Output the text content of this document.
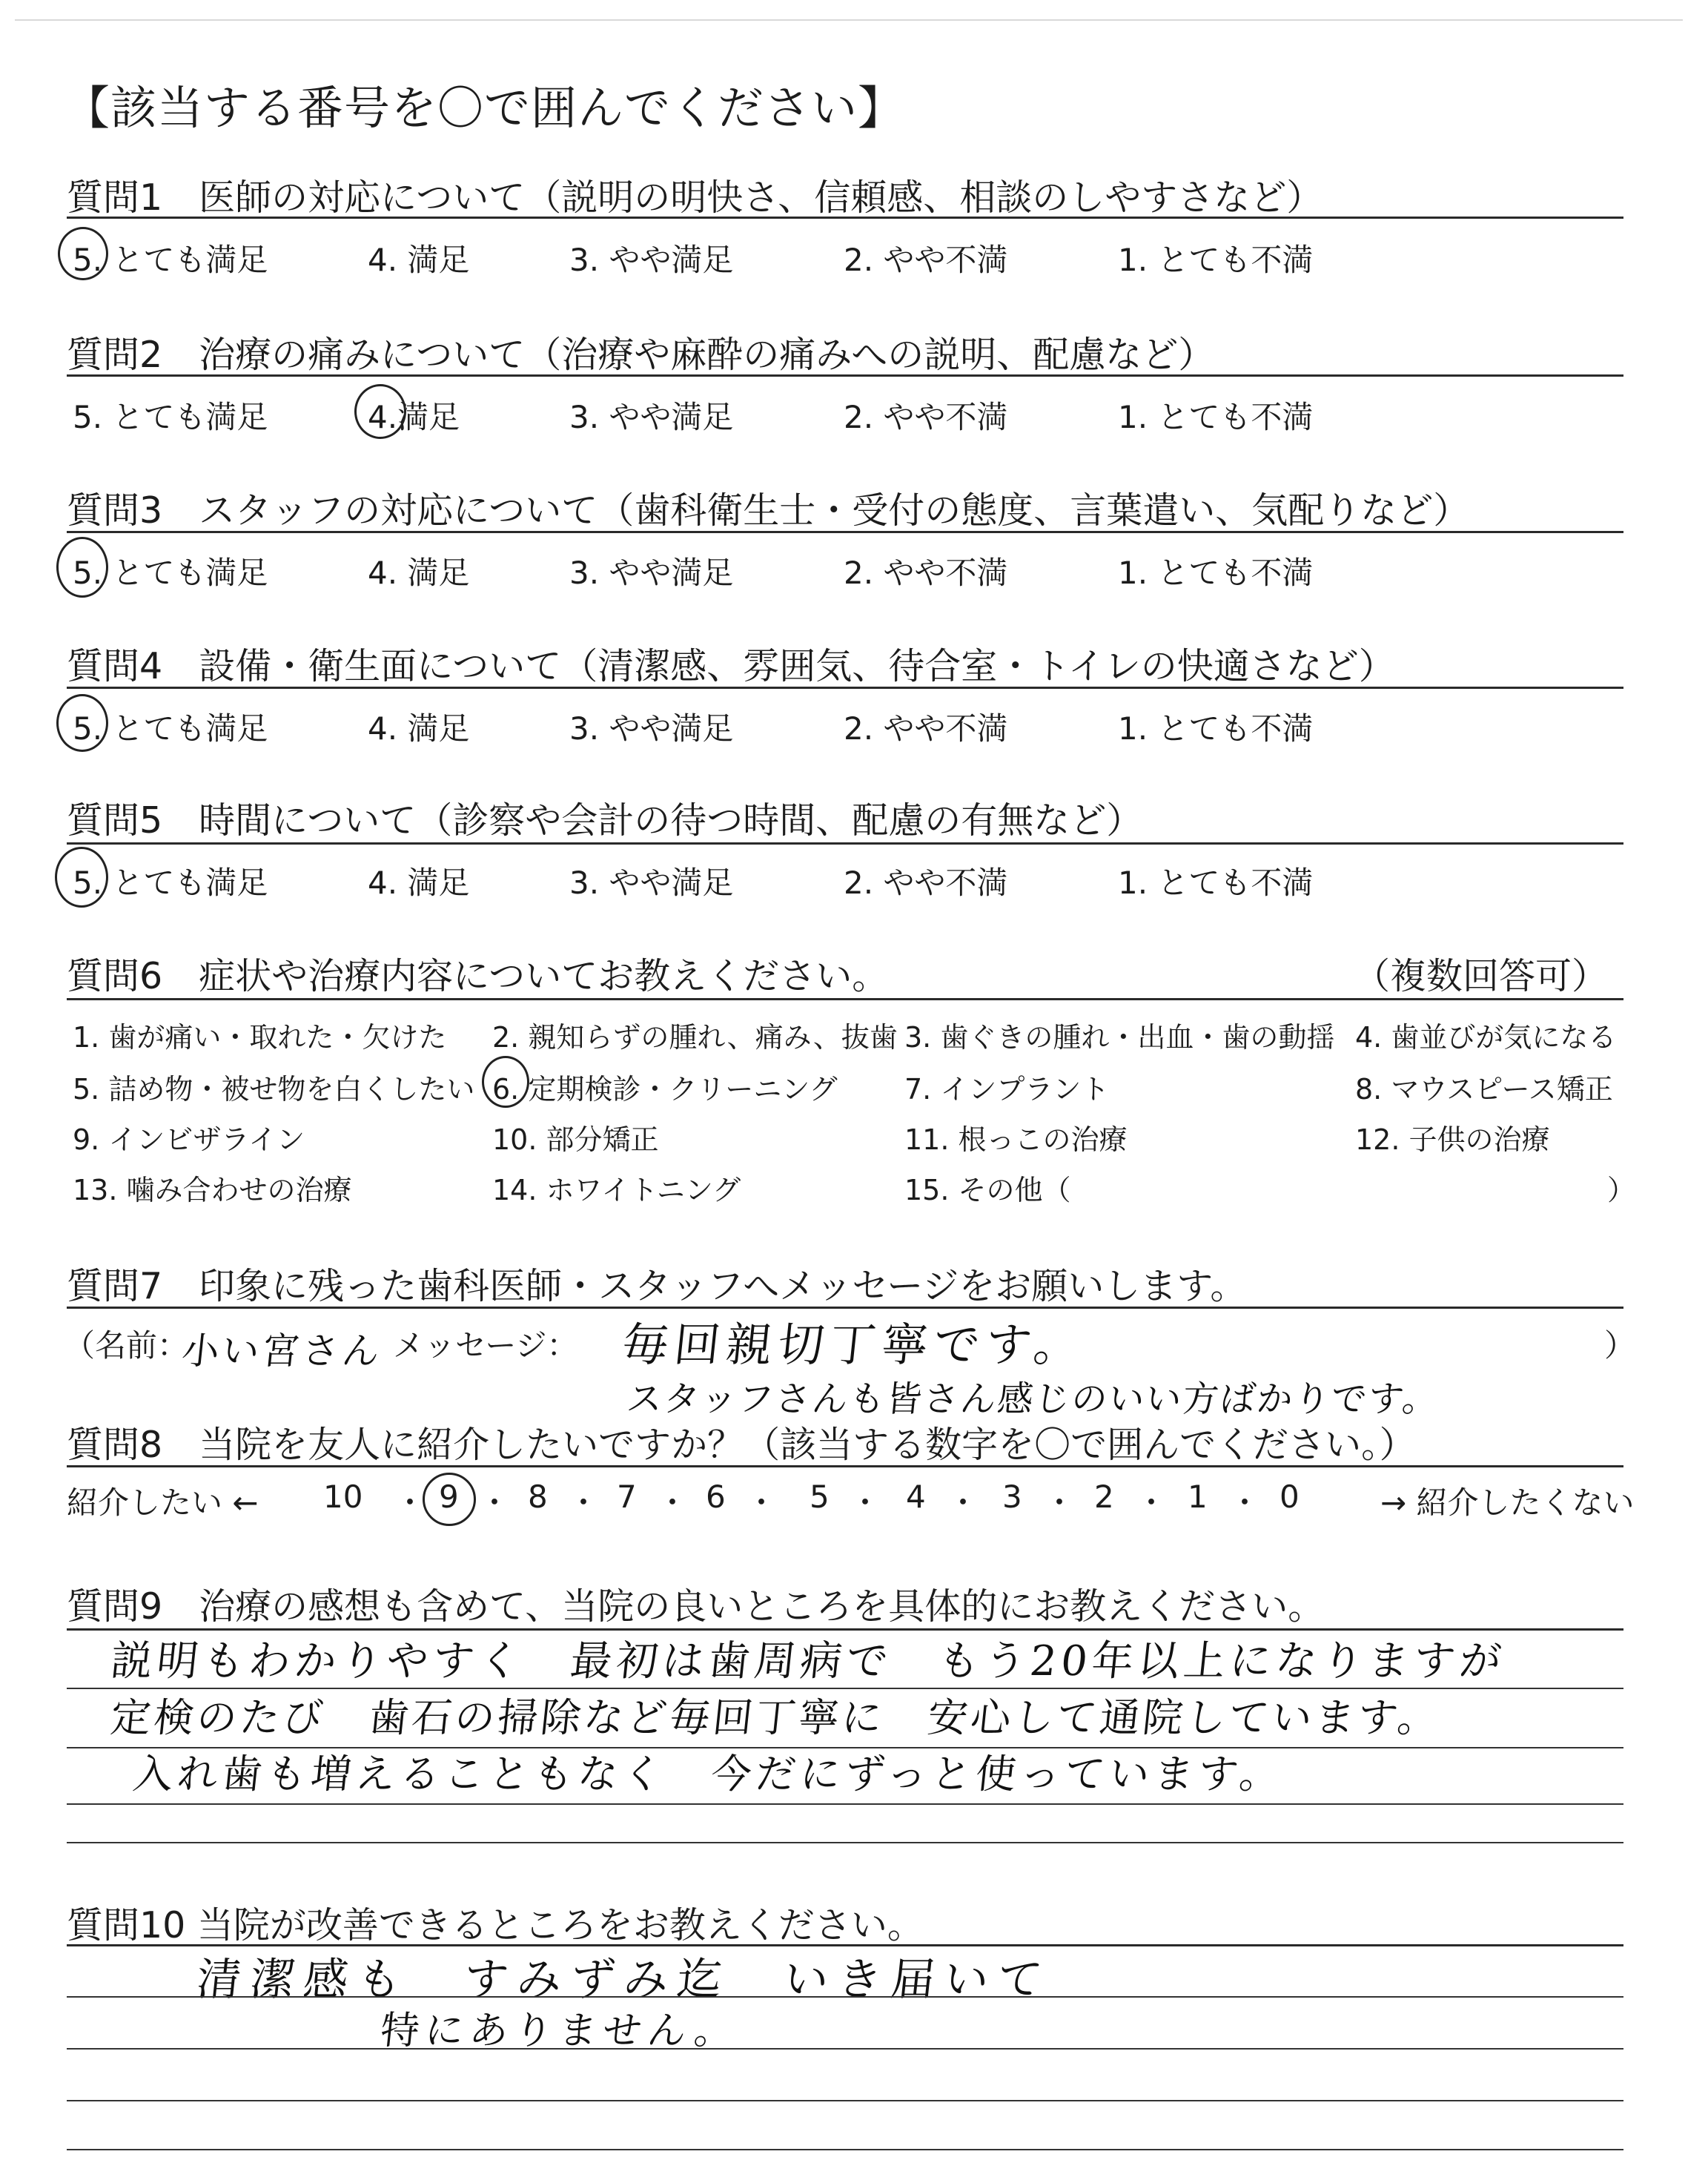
【該当する番号を〇で囲んでください】
質問1　医師の対応について（説明の明快さ、信頼感、相談のしやすさなど）
5. とても満足	4. 満足	3. やや満足	2. やや不満	1. とても不満
質問2　治療の痛みについて（治療や麻酔の痛みへの説明、配慮など）
5. とても満足	4.満足	3. やや満足	2. やや不満	1. とても不満
質問3　スタッフの対応について（歯科衛生士・受付の態度、言葉遣い、気配りなど）
5. とても満足	4. 満足	3. やや満足	2. やや不満	1. とても不満
質問4　設備・衛生面について（清潔感、雰囲気、待合室・トイレの快適さなど）
5. とても満足	4. 満足	3. やや満足	2. やや不満	1. とても不満
質問5　時間について（診察や会計の待つ時間、配慮の有無など）
5. とても満足	4. 満足	3. やや満足	2. やや不満	1. とても不満
質問6　症状や治療内容についてお教えください。	（複数回答可）
1. 歯が痛い・取れた・欠けた 2. 親知らずの腫れ、痛み、抜歯 3. 歯ぐきの腫れ・出血・歯の動揺 4. 歯並びが気になる
5. 詰め物・被せ物を白くしたい 6. 定期検診・クリーニング 7. インプラント	8. マウスピース矯正
9. インビザライン	10. 部分矯正	11. 根っこの治療	12. 子供の治療
13. 噛み合わせの治療	14. ホワイトニング	15. その他（	）
質問7　印象に残った歯科医師・スタッフへメッセージをお願いします。
（名前：
小い宮さん メッセージ： 毎回親切丁寧です。	）
スタッフさんも皆さん感じのいい方ばかりです。
質問8　当院を友人に紹介したいですか？（該当する数字を〇で囲んでください。）
紹介したい ←	→ 紹介したくない
10 ・ 9 ・ 8 ・ 7 ・ 6 ・ 5 ・ 4 ・ 3 ・ 2 ・ 1 ・ 0
質問9　治療の感想も含めて、当院の良いところを具体的にお教えください。
説明もわかりやすく　最初は歯周病で　もう20年以上になりますが
定検のたび　歯石の掃除など毎回丁寧に　安心して通院しています。
入れ歯も増えることもなく　今だにずっと使っています。
質問10 当院が改善できるところをお教えください。
清潔感も　すみずみ迄　いき届いて
特にありません。
